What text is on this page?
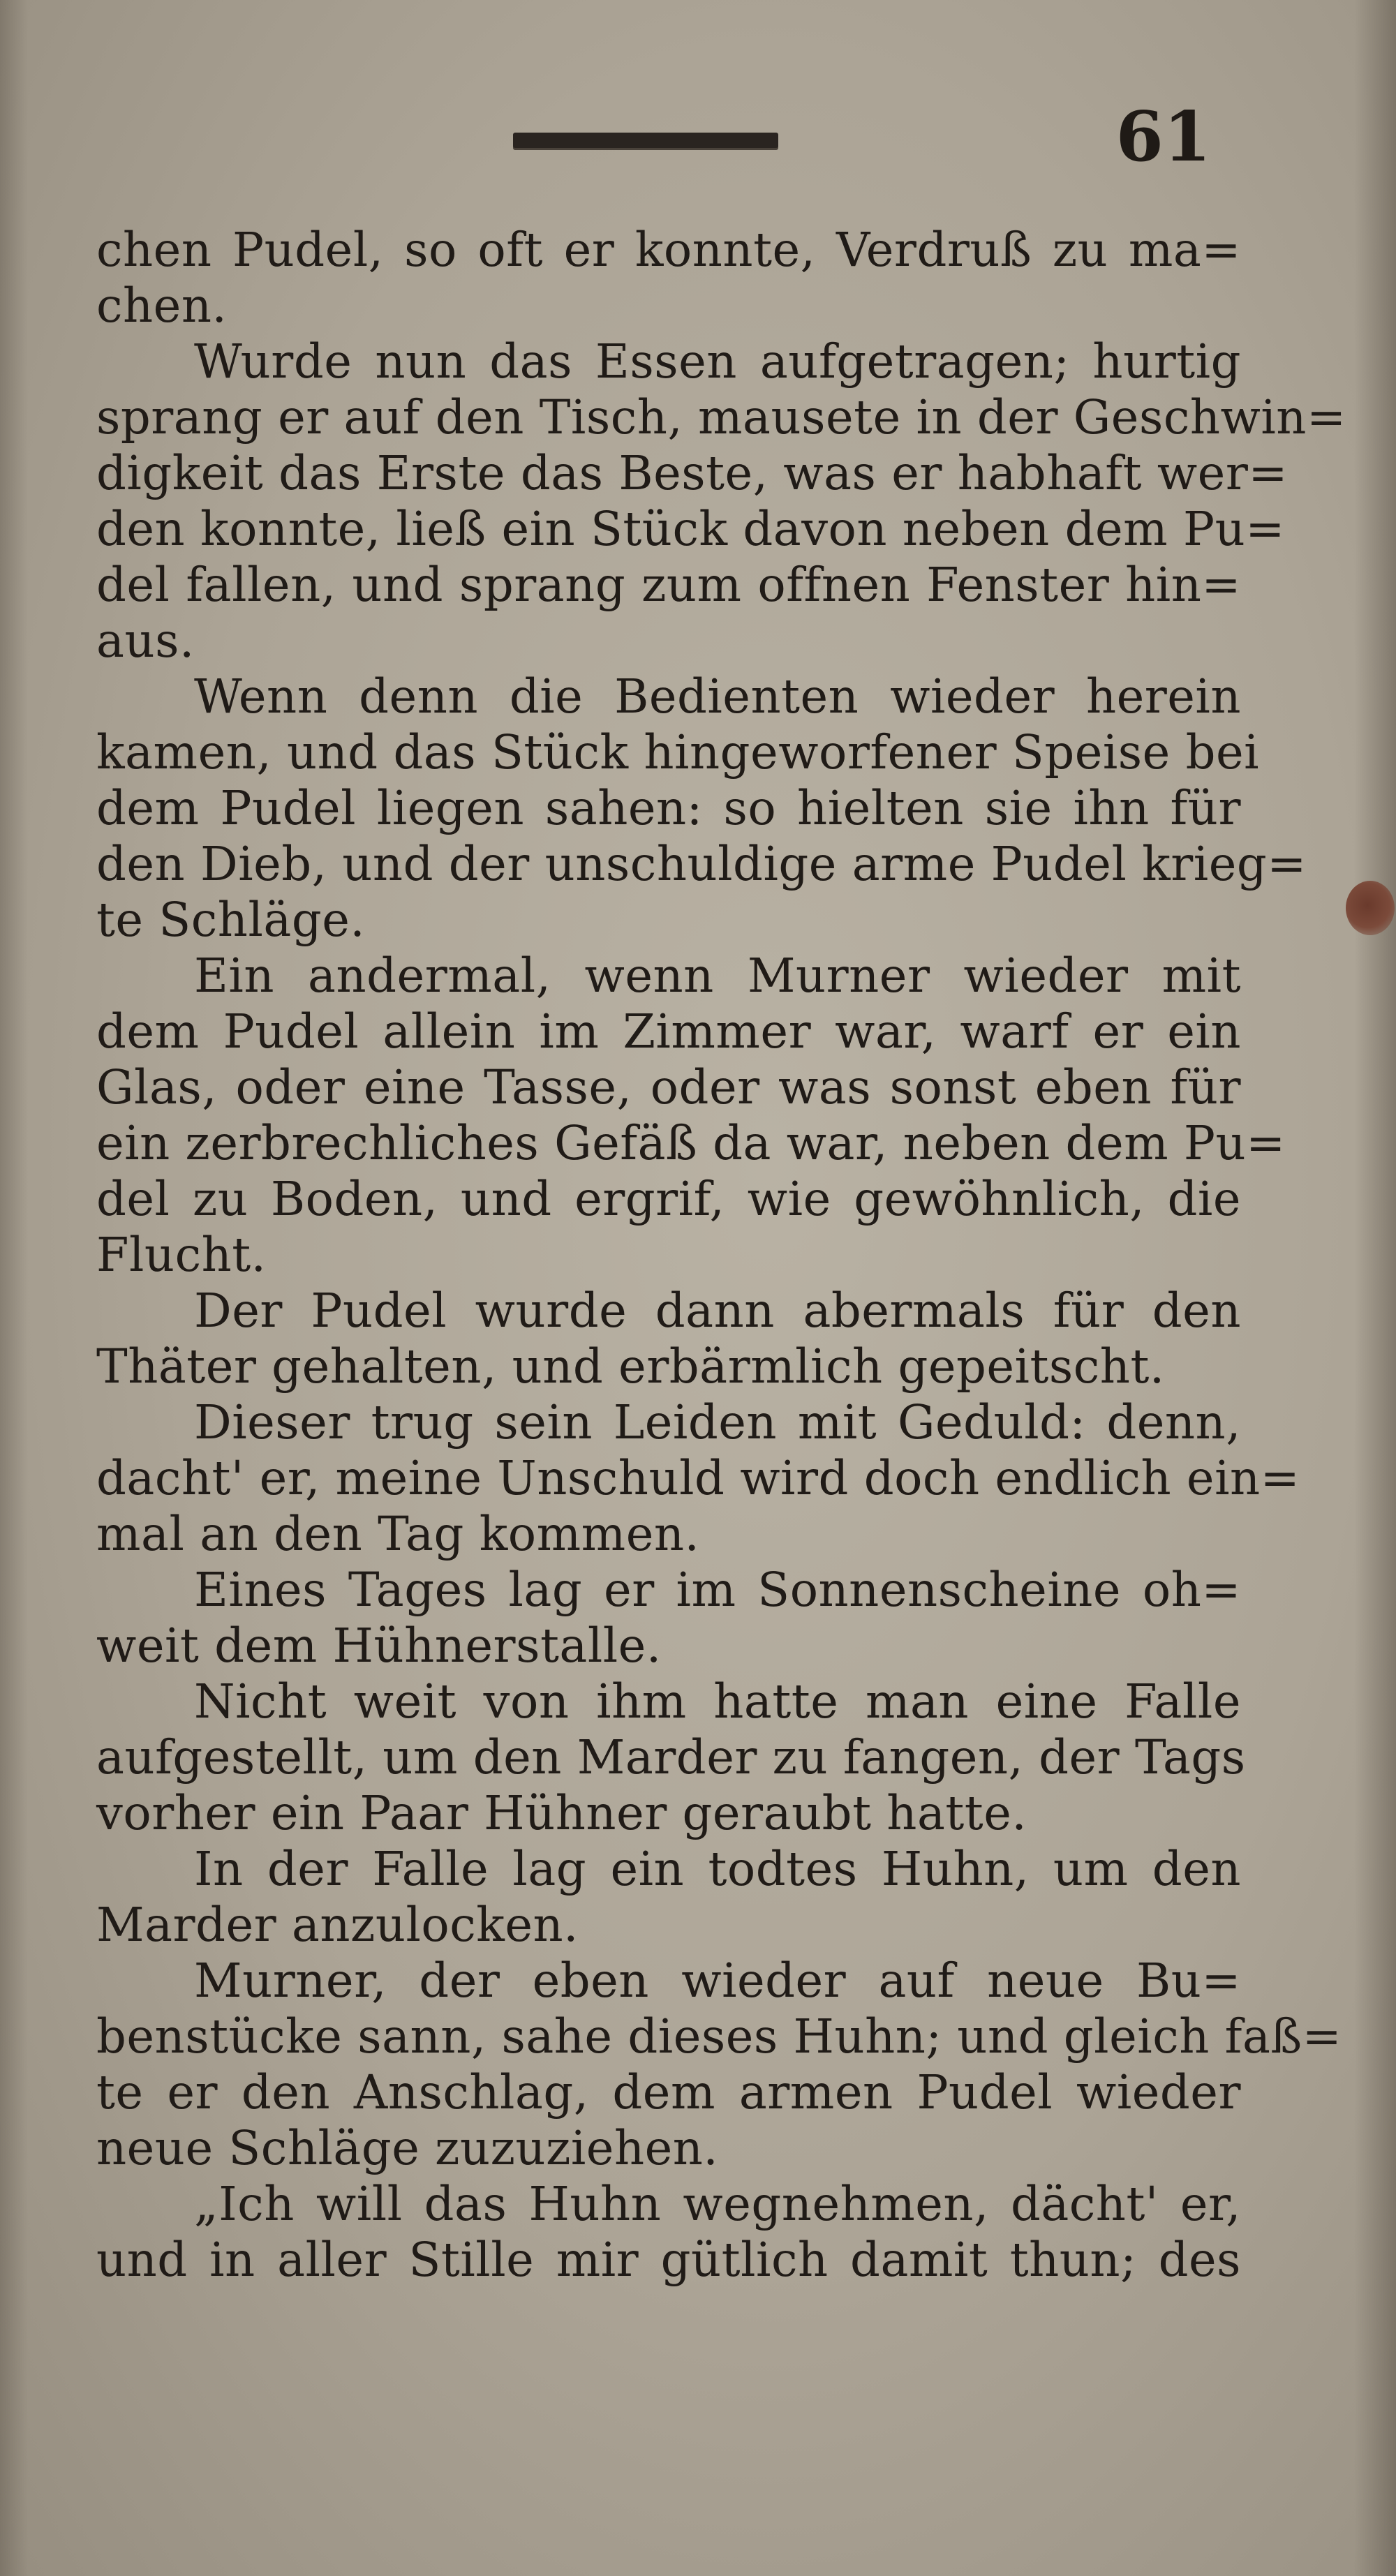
61
chen Pudel, so oft er konnte, Verdruß zu ma=
chen.
Wurde nun das Essen aufgetragen; hurtig
sprang er auf den Tisch, mausete in der Geschwin=
digkeit das Erste das Beste, was er habhaft wer=
den konnte, ließ ein Stück davon neben dem Pu=
del fallen, und sprang zum offnen Fenster hin=
aus.
Wenn denn die Bedienten wieder herein
kamen, und das Stück hingeworfener Speise bei
dem Pudel liegen sahen: so hielten sie ihn für
den Dieb, und der unschuldige arme Pudel krieg=
te Schläge.
Ein andermal, wenn Murner wieder mit
dem Pudel allein im Zimmer war, warf er ein
Glas, oder eine Tasse, oder was sonst eben für
ein zerbrechliches Gefäß da war, neben dem Pu=
del zu Boden, und ergrif, wie gewöhnlich, die
Flucht.
Der Pudel wurde dann abermals für den
Thäter gehalten, und erbärmlich gepeitscht.
Dieser trug sein Leiden mit Geduld: denn,
dacht' er, meine Unschuld wird doch endlich ein=
mal an den Tag kommen.
Eines Tages lag er im Sonnenscheine oh=
weit dem Hühnerstalle.
Nicht weit von ihm hatte man eine Falle
aufgestellt, um den Marder zu fangen, der Tags
vorher ein Paar Hühner geraubt hatte.
In der Falle lag ein todtes Huhn, um den
Marder anzulocken.
Murner, der eben wieder auf neue Bu=
benstücke sann, sahe dieses Huhn; und gleich faß=
te er den Anschlag, dem armen Pudel wieder
neue Schläge zuzuziehen.
„Ich will das Huhn wegnehmen, dächt' er,
und in aller Stille mir gütlich damit thun; des
